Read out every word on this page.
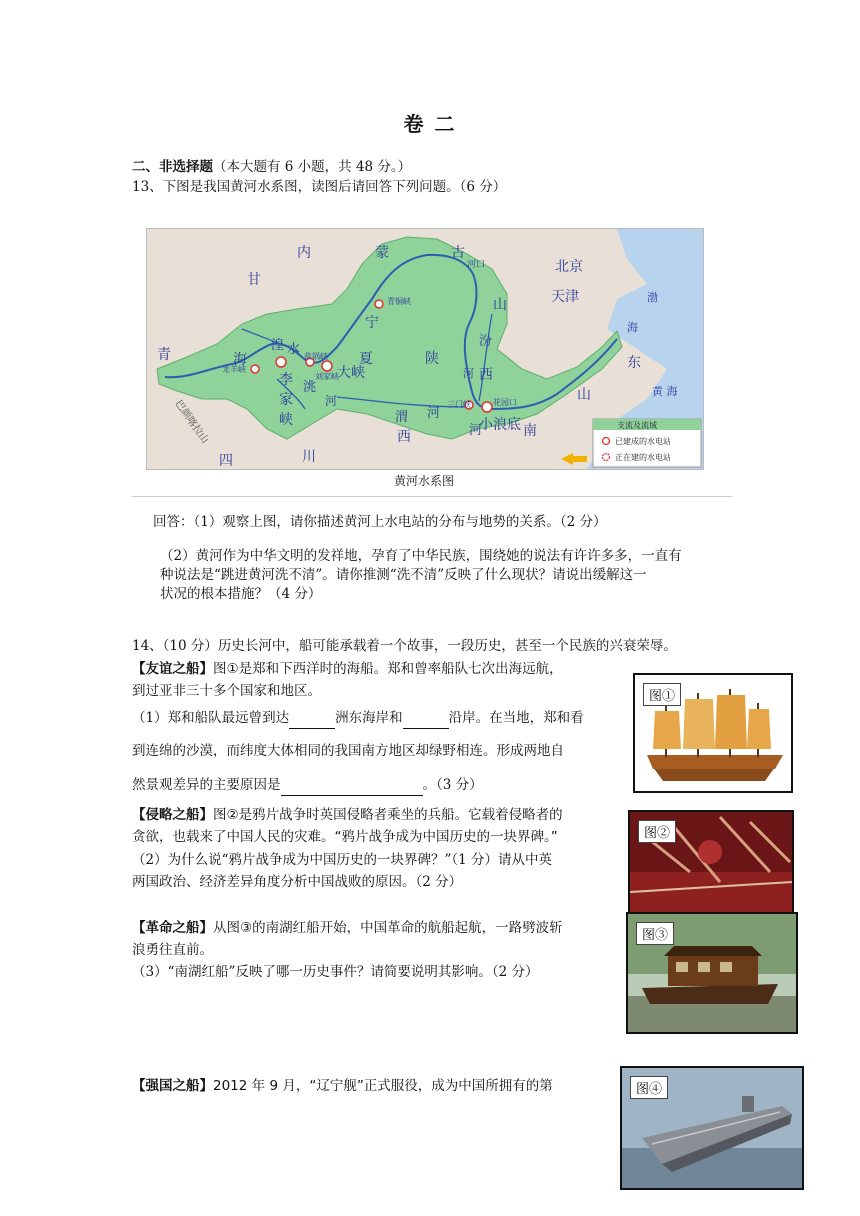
卷 二
二、非选择题（本大题有 6 小题，共 48 分。）
13、下图是我国黄河水系图，读图后请回答下列问题。（6 分）
内	蒙	古
河口	北京
天津
甘
青	海
宁
夏	陕
山
西
青铜峡
龙羊峡
刘家峡
盐锅峡
大峡
小浪底
三门峡	花园口
渭 河
西	河	南
四	川
渤
海
东
山	黄 海
汾
河
洮
河
湟 水
李
家
峡
巴颜喀拉山	支流及流域
已建成的水电站
正在建的水电站
黄河水系图
回答：（1）观察上图，请你描述黄河上水电站的分布与地势的关系。（2 分）
（2）黄河作为中华文明的发祥地，孕育了中华民族，围绕她的说法有许许多多，一直有
种说法是“跳进黄河洗不清”。请你推测“洗不清”反映了什么现状？请说出缓解这一
状况的根本措施？（4 分）
14、（10 分）历史长河中，船可能承载着一个故事，一段历史，甚至一个民族的兴衰荣辱。
【友谊之船】图①是郑和下西洋时的海船。郑和曾率船队七次出海远航，
到过亚非三十多个国家和地区。
（1）郑和船队最远曾到达	洲东海岸和	沿岸。在当地，郑和看
到连绵的沙漠，而纬度大体相同的我国南方地区却绿野相连。形成两地自
然景观差异的主要原因是	。（3 分）
【侵略之船】图②是鸦片战争时英国侵略者乘坐的兵船。它载着侵略者的
贪欲，也载来了中国人民的灾难。“鸦片战争成为中国历史的一块界碑。”
（2）为什么说“鸦片战争成为中国历史的一块界碑？”（1 分）请从中英
两国政治、经济差异角度分析中国战败的原因。（2 分）
【革命之船】从图③的南湖红船开始，中国革命的航船起航，一路劈波斩
浪勇往直前。
（3）“南湖红船”反映了哪一历史事件？请简要说明其影响。（2 分）
【强国之船】2012 年 9 月，“辽宁舰”正式服役，成为中国所拥有的第
图①
图②
图③
图④
